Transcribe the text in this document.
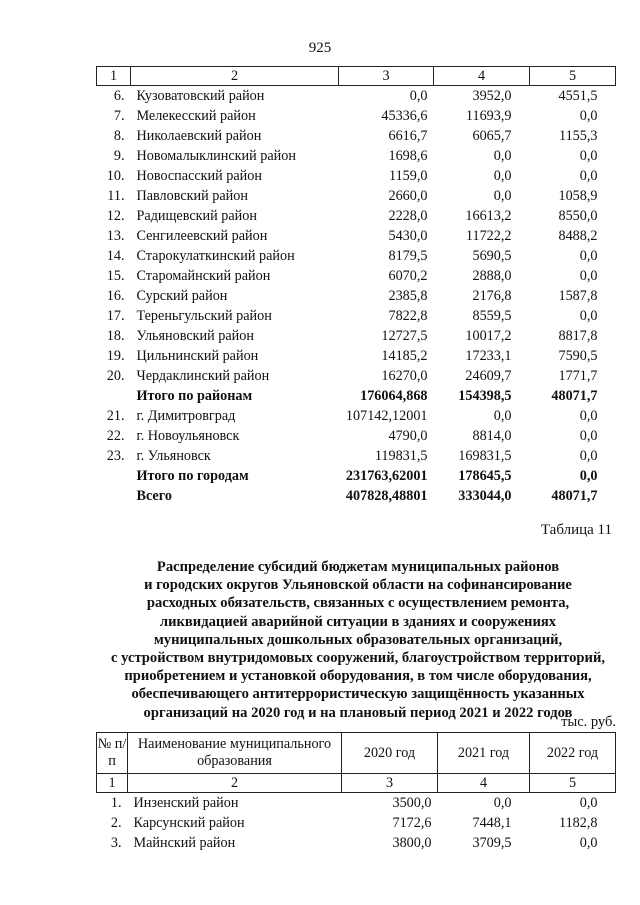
925
1	2	3	4	5
6.	Кузоватовский район	0,0	3952,0	4551,5
7.	Мелекесский район	45336,6	11693,9	0,0
8.	Николаевский район	6616,7	6065,7	1155,3
9.	Новомалыклинский район	1698,6	0,0	0,0
10.	Новоспасский район	1159,0	0,0	0,0
11.	Павловский район	2660,0	0,0	1058,9
12.	Радищевский район	2228,0	16613,2	8550,0
13.	Сенгилеевский район	5430,0	11722,2	8488,2
14.	Старокулаткинский район	8179,5	5690,5	0,0
15.	Старомайнский район	6070,2	2888,0	0,0
16.	Сурский район	2385,8	2176,8	1587,8
17.	Тереньгульский район	7822,8	8559,5	0,0
18.	Ульяновский район	12727,5	10017,2	8817,8
19.	Цильнинский район	14185,2	17233,1	7590,5
20.	Чердаклинский район	16270,0	24609,7	1771,7
	Итого по районам	176064,868	154398,5	48071,7
21.	г. Димитровград	107142,12001	0,0	0,0
22.	г. Новоульяновск	4790,0	8814,0	0,0
23.	г. Ульяновск	119831,5	169831,5	0,0
	Итого по городам	231763,62001	178645,5	0,0
	Всего	407828,48801	333044,0	48071,7
Таблица 11
Распределение субсидий бюджетам муниципальных районов
и городских округов Ульяновской области на софинансирование
расходных обязательств, связанных с осуществлением ремонта,
ликвидацией аварийной ситуации в зданиях и сооружениях
муниципальных дошкольных образовательных организаций,
с устройством внутридомовых сооружений, благоустройством территорий,
приобретением и установкой оборудования, в том числе оборудования,
обеспечивающего антитеррористическую защищённость указанных
организаций на 2020 год и на плановый период 2021 и 2022 годов
тыс. руб.
№ п/п	Наименование муниципального образования	2020 год	2021 год	2022 год
1	2	3	4	5
1.	Инзенский район	3500,0	0,0	0,0
2.	Карсунский район	7172,6	7448,1	1182,8
3.	Майнский район	3800,0	3709,5	0,0
